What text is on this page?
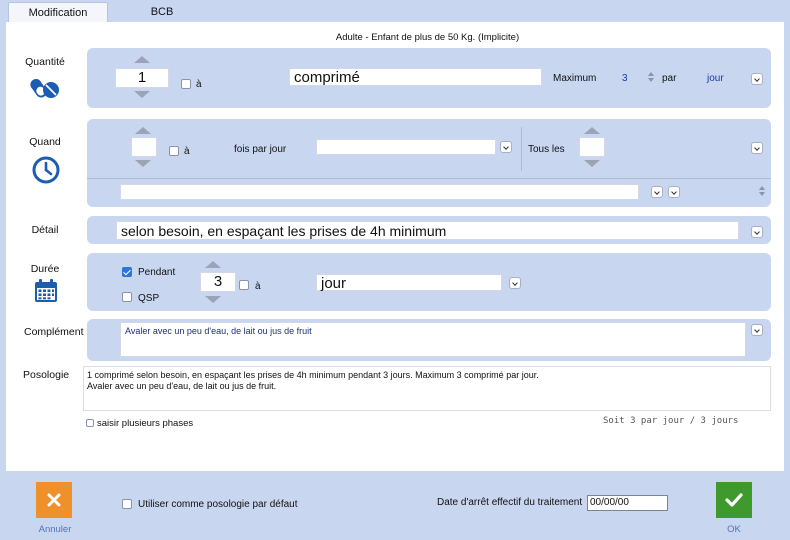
Modification	BCB
Adulte - Enfant de plus de 50 Kg. (Implicite)
Quantité
1	à	comprimé	Maximum	3	par	jour
Quand
à	fois par jour	Tous les
Détail	selon besoin, en espaçant les prises de 4h minimum
Durée	Pendant
QSP
3	à	jour
Complément	Avaler avec un peu d'eau, de lait ou jus de fruit
Posologie	1 comprimé selon besoin, en espaçant les prises de 4h minimum pendant 3 jours. Maximum 3 comprimé par jour.
Avaler avec un peu d'eau, de lait ou jus de fruit.
saisir plusieurs phases	Soit 3 par jour / 3 jours
Annuler
Utiliser comme posologie par défaut	Date d'arrêt effectif du traitement 00/00/00
OK
